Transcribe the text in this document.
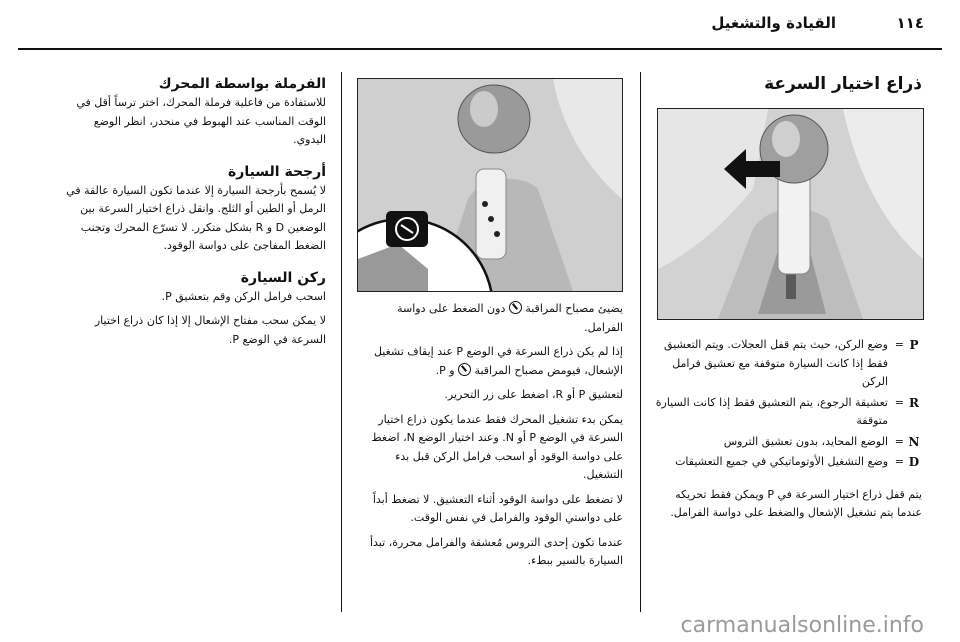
١١٤
القيادة والتشغيل
ذراع اختيار السرعة
P
=
وضع الركن، حيث يتم قفل العجلات. ويتم التعشيق فقط إذا كانت السيارة متوقفة مع تعشيق فرامل الركن
R
=
تعشيقة الرجوع، يتم التعشيق فقط إذا كانت السيارة متوقفة
N
=
الوضع المحايد، بدون تعشيق التروس
D
=
وضع التشغيل الأوتوماتيكي في جميع التعشيقات

يتم قفل ذراع اختيار السرعة في P ويمكن فقط تحريكه عندما يتم تشغيل الإشعال والضغط على دواسة الفرامل.

يضيئ مصباح المراقبة  دون الضغط على دواسة الفرامل.

إذا لم يكن ذراع السرعة في الوضع P عند إيقاف تشغيل الإشعال، فيومض مصباح المراقبة  و P.

لتعشيق P أو R، اضغط على زر التحرير.

يمكن بدء تشغيل المحرك فقط عندما يكون ذراع اختيار السرعة في الوضع P أو N. وعند اختيار الوضع N، اضغط على دواسة الوقود أو اسحب فرامل الركن قبل بدء التشغيل.

لا تضغط على دواسة الوقود أثناء التعشيق. لا تضغط أبداً على دواستي الوقود والفرامل في نفس الوقت.

عندما تكون إحدى التروس مُعشقة والفرامل محررة، تبدأ السيارة بالسير ببطء.

الفرملة بواسطة المحرك

للاستفادة من فاعلية فرملة المحرك، اختر ترساً أقل في الوقت المناسب عند الهبوط في منحدر، انظر الوضع اليدوي.

أرجحة السيارة

لا يُسمح بأرجحة السيارة إلا عندما تكون السيارة عالقة في الرمل أو الطين أو الثلج. وانقل ذراع اختيار السرعة بين الوضعين D و R بشكل متكرر. لا تسرّع المحرك وتجنب الضغط المفاجئ على دواسة الوقود.

ركن السيارة

اسحب فرامل الركن وقم بتعشيق P.

لا يمكن سحب مفتاح الإشعال إلا إذا كان ذراع اختيار السرعة في الوضع P.

carmanualsonline.info
